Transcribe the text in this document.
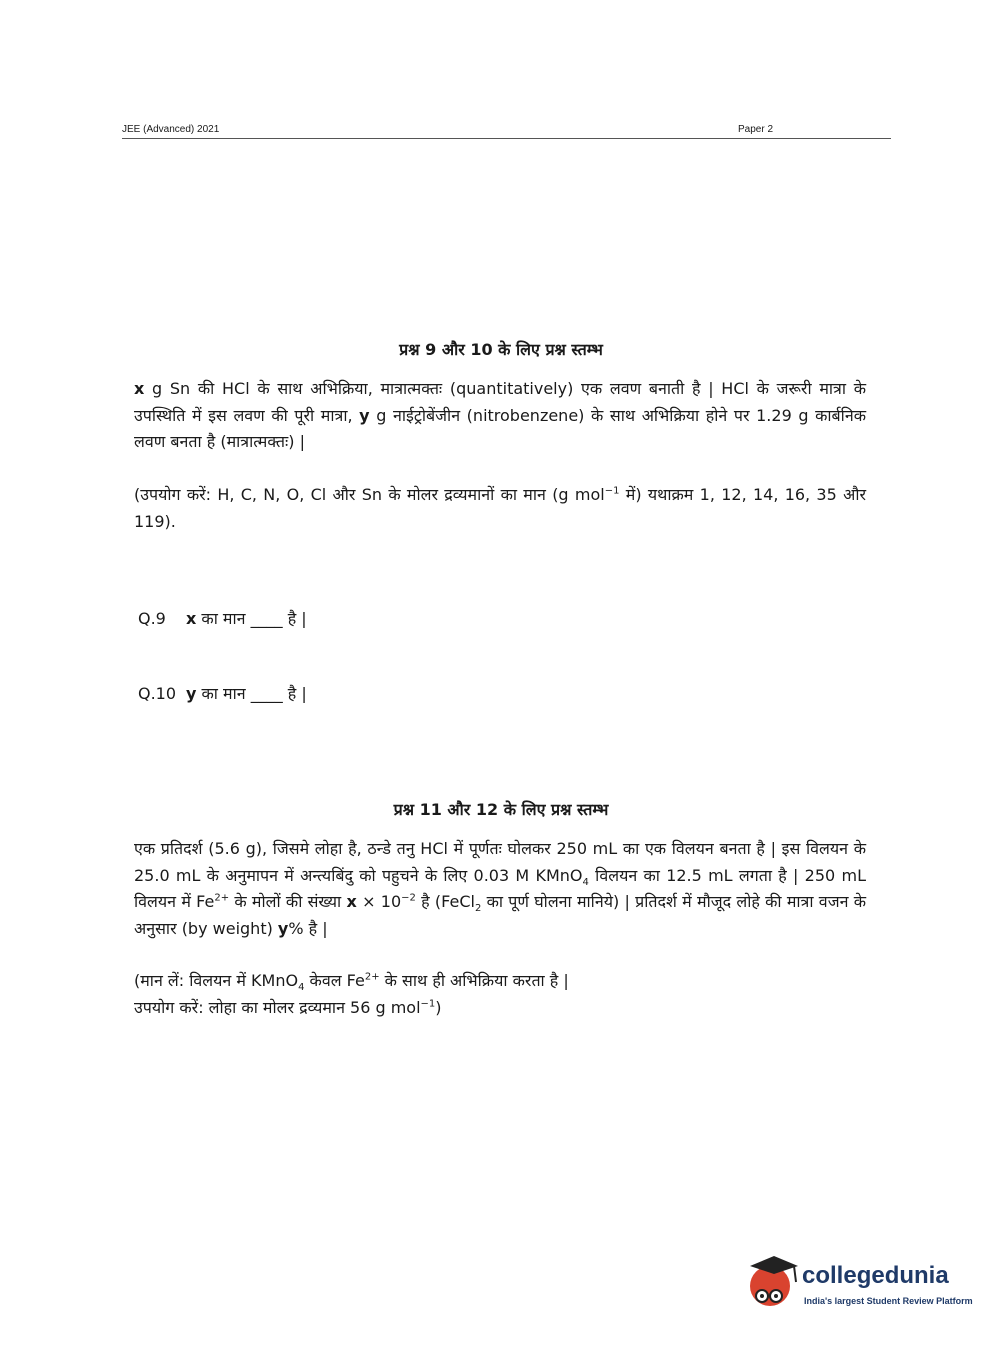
JEE (Advanced) 2021	Paper 2
प्रश्न 9 और 10 के लिए प्रश्न स्तम्भ
x g Sn की HCl के साथ अभिक्रिया, मात्रात्मक्तः (quantitatively) एक लवण बनाती है | HCl के जरूरी मात्रा के उपस्थिति में इस लवण की पूरी मात्रा, y g नाईट्रोबेंजीन (nitrobenzene) के साथ अभिक्रिया होने पर 1.29 g कार्बनिक लवण बनता है (मात्रात्मक्तः) |
(उपयोग करें: H, C, N, O, Cl और Sn के मोलर द्रव्यमानों का मान (g mol$^{-1}$ में) यथाक्रम 1, 12, 14, 16, 35 और 119).
Q.9 x का मान ____ है |
Q.10 y का मान ____ है |
प्रश्न 11 और 12 के लिए प्रश्न स्तम्भ
एक प्रतिदर्श (5.6 g), जिसमे लोहा है, ठन्डे तनु HCl में पूर्णतः घोलकर 250 mL का एक विलयन बनता है | इस विलयन के 25.0 mL के अनुमापन में अन्त्यबिंदु को पहुचने के लिए 0.03 M KMnO$_4$ विलयन का 12.5 mL लगता है | 250 mL विलयन में $Fe^{2+}$ के मोलों की संख्या $x \times 10^{-2}$ है (FeCl$_2$ का पूर्ण घोलना मानिये) | प्रतिदर्श में मौजूद लोहे की मात्रा वजन के अनुसार (by weight) y% है |
(मान लें: विलयन में KMnO$_4$ केवल $Fe^{2+}$ के साथ ही अभिक्रिया करता है |
उपयोग करें: लोहा का मोलर द्रव्यमान 56 g mol$^{-1}$)
collegedunia
India's largest Student Review Platform
